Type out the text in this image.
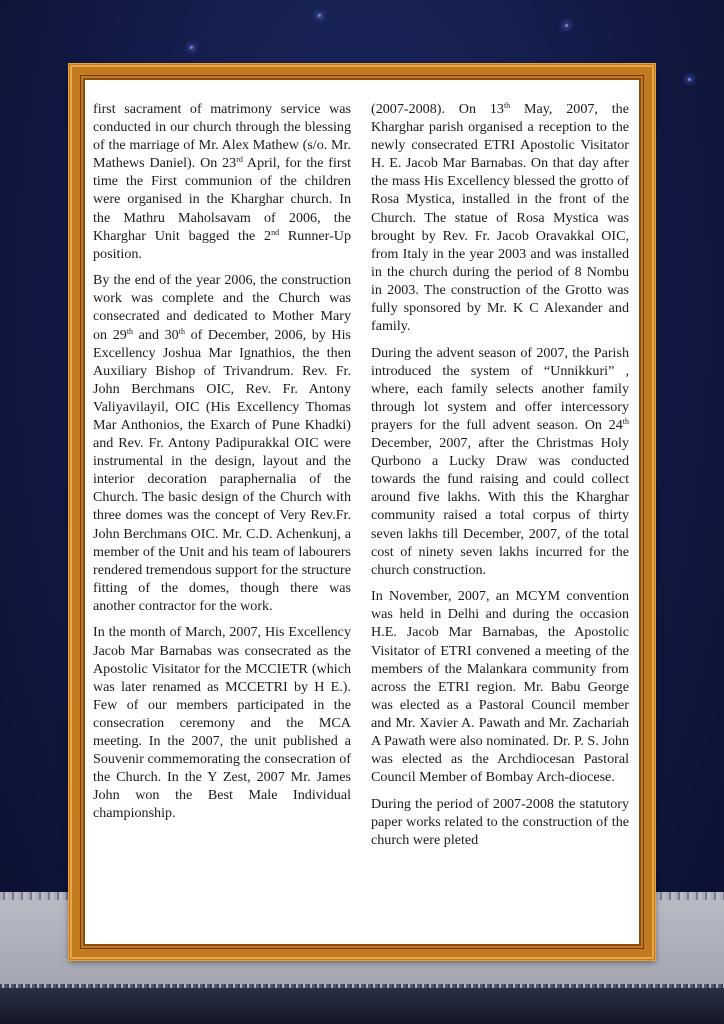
first sacrament of matrimony service was conducted in our church through the blessing of the marriage of Mr. Alex Mathew (s/o. Mr. Mathews Daniel). On 23rd April, for the first time the First communion of the children were organised in the Kharghar church. In the Mathru Maholsavam of 2006, the Kharghar Unit bagged the 2nd Runner-Up position.

By the end of the year 2006, the construction work was complete and the Church was consecrated and dedicated to Mother Mary on 29th and 30th of December, 2006, by His Excellency Joshua Mar Ignathios, the then Auxiliary Bishop of Trivandrum. Rev. Fr. John Berchmans OIC, Rev. Fr. Antony Valiyavilayil, OIC (His Excellency Thomas Mar Anthonios, the Exarch of Pune Khadki) and Rev. Fr. Antony Padipurakkal OIC were instrumental in the design, layout and the interior decoration paraphernalia of the Church. The basic design of the Church with three domes was the concept of Very Rev.Fr. John Berchmans OIC. Mr. C.D. Achenkunj, a member of the Unit and his team of labourers rendered tremendous support for the structure fitting of the domes, though there was another contractor for the work.

In the month of March, 2007, His Excellency Jacob Mar Barnabas was consecrated as the Apostolic Visitator for the MCCIETR (which was later renamed as MCCETRI by H E.). Few of our members participated in the consecration ceremony and the MCA meeting. In the 2007, the unit published a Souvenir commemorating the consecration of the Church. In the Y Zest, 2007 Mr. James John won the Best Male Individual championship.

(2007-2008). On 13th May, 2007, the Kharghar parish organised a reception to the newly consecrated ETRI Apostolic Visitator H. E. Jacob Mar Barnabas. On that day after the mass His Excellency blessed the grotto of Rosa Mystica, installed in the front of the Church. The statue of Rosa Mystica was brought by Rev. Fr. Jacob Oravakkal OIC, from Italy in the year 2003 and was installed in the church during the period of 8 Nombu in 2003. The construction of the Grotto was fully sponsored by Mr. K C Alexander and family.

During the advent season of 2007, the Parish introduced the system of “Unnikkuri” , where, each family selects another family through lot system and offer intercessory prayers for the full advent season. On 24th December, 2007, after the Christmas Holy Qurbono a Lucky Draw was conducted towards the fund raising and could collect around five lakhs. With this the Kharghar community raised a total corpus of thirty seven lakhs till December, 2007, of the total cost of ninety seven lakhs incurred for the church construction.

In November, 2007, an MCYM convention was held in Delhi and during the occasion H.E. Jacob Mar Barnabas, the Apostolic Visitator of ETRI convened a meeting of the members of the Malankara community from across the ETRI region. Mr. Babu George was elected as a Pastoral Council member and Mr. Xavier A. Pawath and Mr. Zachariah A Pawath were also nominated. Dr. P. S. John was elected as the Archdiocesan Pastoral Council Member of Bombay Arch-diocese.

During the period of 2007-2008 the statutory paper works related to the construction of the church were pleted
